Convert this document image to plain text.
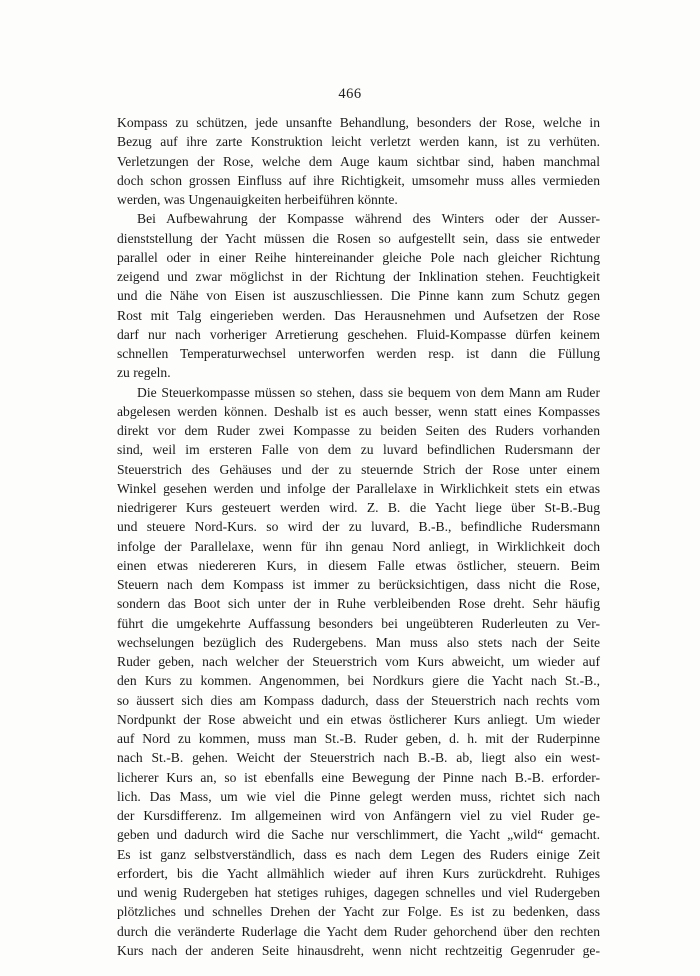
466
Kompass zu schützen, jede unsanfte Behandlung, besonders der Rose, welche in
Bezug auf ihre zarte Konstruktion leicht verletzt werden kann, ist zu verhüten.
Verletzungen der Rose, welche dem Auge kaum sichtbar sind, haben manchmal
doch schon grossen Einfluss auf ihre Richtigkeit, umsomehr muss alles vermieden
werden, was Ungenauigkeiten herbeiführen könnte.
Bei Aufbewahrung der Kompasse während des Winters oder der Ausser-
dienststellung der Yacht müssen die Rosen so aufgestellt sein, dass sie entweder
parallel oder in einer Reihe hintereinander gleiche Pole nach gleicher Richtung
zeigend und zwar möglichst in der Richtung der Inklination stehen. Feuchtigkeit
und die Nähe von Eisen ist auszuschliessen. Die Pinne kann zum Schutz gegen
Rost mit Talg eingerieben werden. Das Herausnehmen und Aufsetzen der Rose
darf nur nach vorheriger Arretierung geschehen. Fluid-Kompasse dürfen keinem
schnellen Temperaturwechsel unterworfen werden resp. ist dann die Füllung
zu regeln.
Die Steuerkompasse müssen so stehen, dass sie bequem von dem Mann am Ruder
abgelesen werden können. Deshalb ist es auch besser, wenn statt eines Kompasses
direkt vor dem Ruder zwei Kompasse zu beiden Seiten des Ruders vorhanden
sind, weil im ersteren Falle von dem zu luvard befindlichen Rudersmann der
Steuerstrich des Gehäuses und der zu steuernde Strich der Rose unter einem
Winkel gesehen werden und infolge der Parallelaxe in Wirklichkeit stets ein etwas
niedrigerer Kurs gesteuert werden wird. Z. B. die Yacht liege über St-B.-Bug
und steuere Nord-Kurs. so wird der zu luvard, B.-B., befindliche Rudersmann
infolge der Parallelaxe, wenn für ihn genau Nord anliegt, in Wirklichkeit doch
einen etwas niedereren Kurs, in diesem Falle etwas östlicher, steuern. Beim
Steuern nach dem Kompass ist immer zu berücksichtigen, dass nicht die Rose,
sondern das Boot sich unter der in Ruhe verbleibenden Rose dreht. Sehr häufig
führt die umgekehrte Auffassung besonders bei ungeübteren Ruderleuten zu Ver-
wechselungen bezüglich des Rudergebens. Man muss also stets nach der Seite
Ruder geben, nach welcher der Steuerstrich vom Kurs abweicht, um wieder auf
den Kurs zu kommen. Angenommen, bei Nordkurs giere die Yacht nach St.-B.,
so äussert sich dies am Kompass dadurch, dass der Steuerstrich nach rechts vom
Nordpunkt der Rose abweicht und ein etwas östlicherer Kurs anliegt. Um wieder
auf Nord zu kommen, muss man St.-B. Ruder geben, d. h. mit der Ruderpinne
nach St.-B. gehen. Weicht der Steuerstrich nach B.-B. ab, liegt also ein west-
licherer Kurs an, so ist ebenfalls eine Bewegung der Pinne nach B.-B. erforder-
lich. Das Mass, um wie viel die Pinne gelegt werden muss, richtet sich nach
der Kursdifferenz. Im allgemeinen wird von Anfängern viel zu viel Ruder ge-
geben und dadurch wird die Sache nur verschlimmert, die Yacht „wild“ gemacht.
Es ist ganz selbstverständlich, dass es nach dem Legen des Ruders einige Zeit
erfordert, bis die Yacht allmählich wieder auf ihren Kurs zurückdreht. Ruhiges
und wenig Rudergeben hat stetiges ruhiges, dagegen schnelles und viel Rudergeben
plötzliches und schnelles Drehen der Yacht zur Folge. Es ist zu bedenken, dass
durch die veränderte Ruderlage die Yacht dem Ruder gehorchend über den rechten
Kurs nach der anderen Seite hinausdreht, wenn nicht rechtzeitig Gegenruder ge-
